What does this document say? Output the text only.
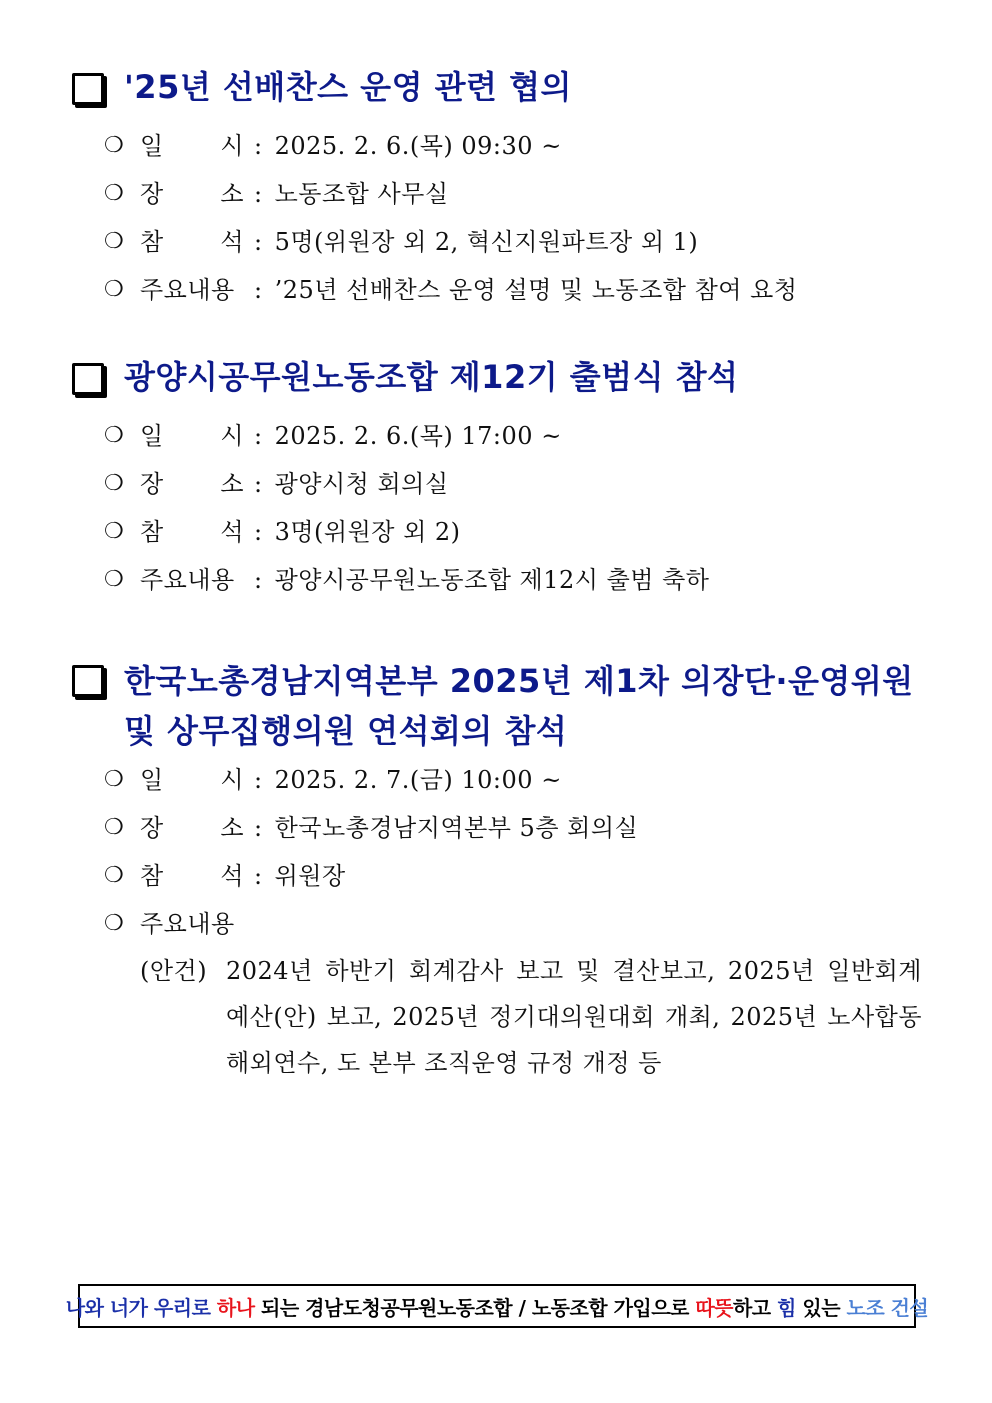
'25년 선배찬스 운영 관련 협의
❍ 일 시 : 2025. 2. 6.(목) 09:30 ~
❍ 장 소 : 노동조합 사무실
❍ 참 석 : 5명(위원장 외 2, 혁신지원파트장 외 1)
❍ 주요내용 : ’25년 선배찬스 운영 설명 및 노동조합 참여 요청
광양시공무원노동조합 제12기 출범식 참석
❍ 일 시 : 2025. 2. 6.(목) 17:00 ~
❍ 장 소 : 광양시청 회의실
❍ 참 석 : 3명(위원장 외 2)
❍ 주요내용 : 광양시공무원노동조합 제12시 출범 축하
한국노총경남지역본부 2025년 제1차 의장단·운영위원 및 상무집행의원 연석회의 참석
❍ 일 시 : 2025. 2. 7.(금) 10:00 ~
❍ 장 소 : 한국노총경남지역본부 5층 회의실
❍ 참 석 : 위원장
❍ 주요내용
(안건) 2024년 하반기 회계감사 보고 및 결산보고, 2025년 일반회계 예산(안) 보고, 2025년 정기대의원대회 개최, 2025년 노사합동 해외연수, 도 본부 조직운영 규정 개정 등
나와 너가 우리로 하나 되는 경남도청공무원노동조합 / 노동조합 가입으로 따뜻 하고 힘 있는 노조 건설
